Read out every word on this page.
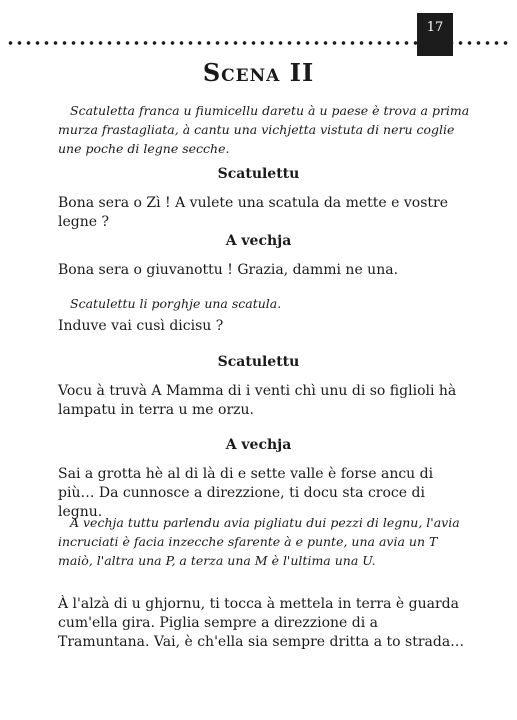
17
Scena II
Scatuletta franca u fiumicellu daretu à u paese è trova a prima murza frastagliata, à cantu una vichjetta vistuta di neru coglie une poche di legne secche.
Scatulettu
Bona sera o Zì ! A vulete una scatula da mette e vostre legne ?
A vechja
Bona sera o giuvanottu ! Grazia, dammi ne una.
Scatulettu li porghje una scatula.
Induve vai cusì dicisu ?
Scatulettu
Vocu à truvà A Mamma di i venti chì unu di so figlioli hà lampatu in terra u me orzu.
A vechja
Sai a grotta hè al di là di e sette valle è forse ancu di più… Da cunnosce a direzzione, ti docu sta croce di legnu.
A vechja tuttu parlendu avia pigliatu dui pezzi di legnu, l'avia incruciati è facia inzecche sfarente à e punte, una avia un T maiò, l'altra una P, a terza una M è l'ultima una U.
À l'alzà di u ghjornu, ti tocca à mettela in terra è guarda cum'ella gira. Piglia sempre a direzzione di a Tramuntana. Vai, è ch'ella sia sempre dritta a to strada…
